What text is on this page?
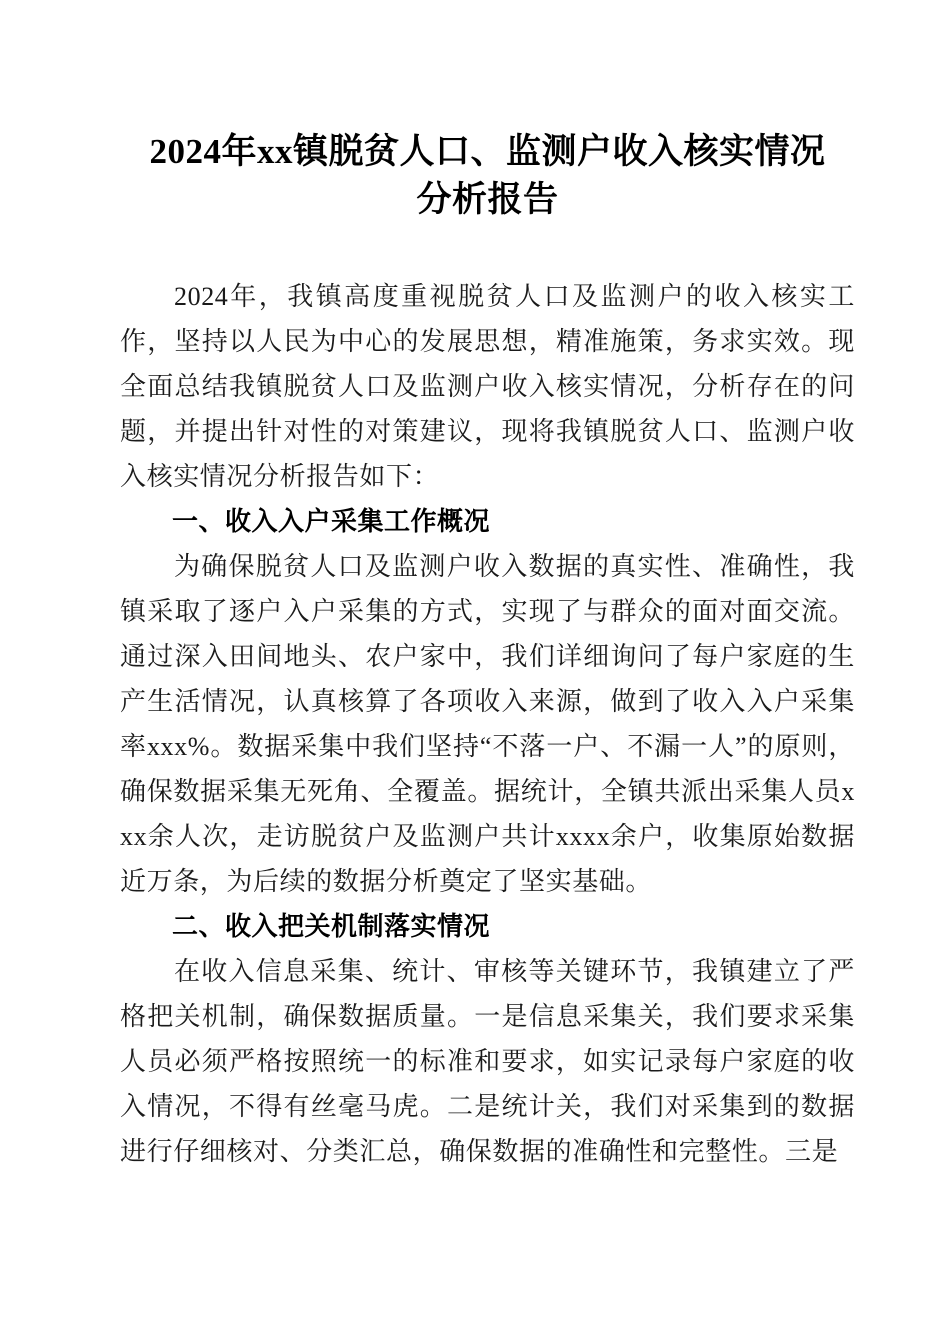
2024年xx镇脱贫人口、监测户收入核实情况
分析报告

2024年，我镇高度重视脱贫人口及监测户的收入核实工作，坚持以人民为中心的发展思想，精准施策，务求实效。现全面总结我镇脱贫人口及监测户收入核实情况，分析存在的问题，并提出针对性的对策建议，现将我镇脱贫人口、监测户收入核实情况分析报告如下：

一、收入入户采集工作概况

为确保脱贫人口及监测户收入数据的真实性、准确性，我镇采取了逐户入户采集的方式，实现了与群众的面对面交流。通过深入田间地头、农户家中，我们详细询问了每户家庭的生产生活情况，认真核算了各项收入来源，做到了收入入户采集率xxx%。数据采集中我们坚持“不落一户、不漏一人”的原则，确保数据采集无死角、全覆盖。据统计，全镇共派出采集人员xxx余人次，走访脱贫户及监测户共计xxxx余户，收集原始数据近万条，为后续的数据分析奠定了坚实基础。

二、收入把关机制落实情况

在收入信息采集、统计、审核等关键环节，我镇建立了严格把关机制，确保数据质量。一是信息采集关，我们要求采集人员必须严格按照统一的标准和要求，如实记录每户家庭的收入情况，不得有丝毫马虎。二是统计关，我们对采集到的数据进行仔细核对、分类汇总，确保数据的准确性和完整性。三是
